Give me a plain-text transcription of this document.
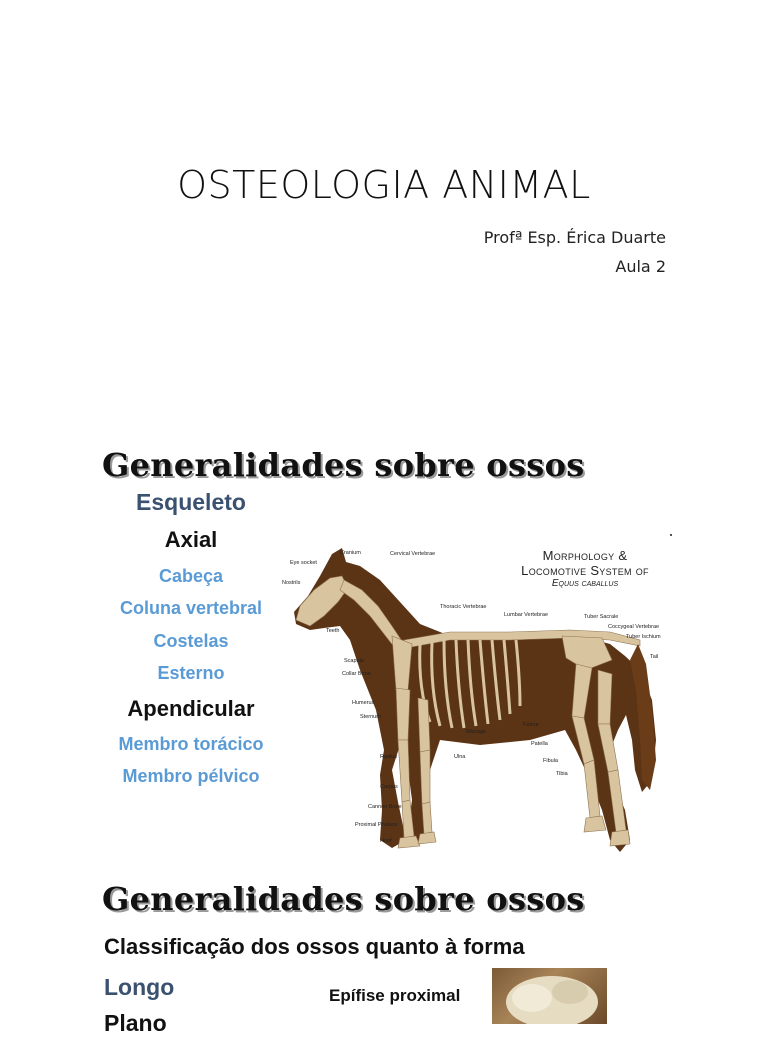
OSTEOLOGIA ANIMAL
Profª Esp. Érica Duarte
Aula 2
Generalidades sobre ossos
Esqueleto
Axial
Cabeça
Coluna vertebral
Costelas
Esterno
Apendicular
Membro torácico
Membro pélvico
Morphology &
Locomotive System of
Equus caballus
Eye socket
Cranium	Cervical Vertebrae
Nostrils
Teeth
Thoracic Vertebrae
Lumbar Vertebrae	Tuber Sacrale
Coccygeal Vertebrae
Tuber Ischium
Tail
Scapula
Collar Bone
Humerus
Sternum
Ribcage
Femur
Patella
Fibula
Tibia
Radius	Ulna
Carpus
Cannon Bone
Proximal Phalanx
Hoof
Generalidades sobre ossos
Classificação dos ossos quanto à forma
Longo
Plano
Epífise proximal
